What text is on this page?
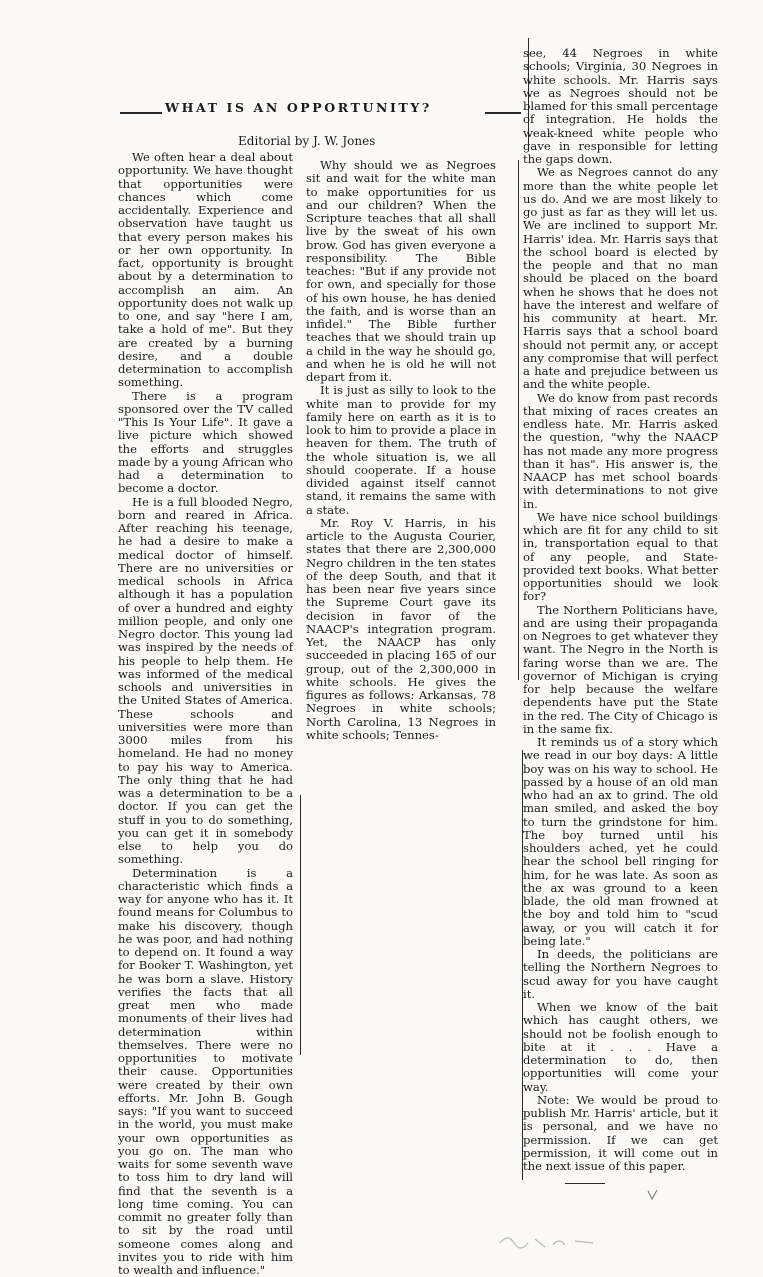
WHAT IS AN OPPORTUNITY?
Editorial by J. W. Jones

We often hear a deal about opportunity. We have thought that opportunities were chances which come accidentally. Experience and observation have taught us that every person makes his or her own opportunity. In fact, opportunity is brought about by a determination to accomplish an aim. An opportunity does not walk up to one, and say "here I am, take a hold of me". But they are created by a burning desire, and a double determination to accomplish something.

There is a program sponsored over the TV called "This Is Your Life". It gave a live picture which showed the efforts and struggles made by a young African who had a determination to become a doctor.

He is a full blooded Negro, born and reared in Africa. After reaching his teenage, he had a desire to make a medical doctor of himself. There are no universities or medical schools in Africa although it has a population of over a hundred and eighty million people, and only one Negro doctor. This young lad was inspired by the needs of his people to help them. He was informed of the medical schools and universities in the United States of America. These schools and universities were more than 3000 miles from his homeland. He had no money to pay his way to America. The only thing that he had was a determination to be a doctor. If you can get the stuff in you to do something, you can get it in somebody else to help you do something.

Determination is a characteristic which finds a way for anyone who has it. It found means for Columbus to make his discovery, though he was poor, and had nothing to depend on. It found a way for Booker T. Washington, yet he was born a slave. History verifies the facts that all great men who made monuments of their lives had determination within themselves. There were no opportunities to motivate their cause. Opportunities were created by their own efforts. Mr. John B. Gough says: "If you want to succeed in the world, you must make your own opportunities as you go on. The man who waits for some seventh wave to toss him to dry land will find that the seventh is a long time coming. You can commit no greater folly than to sit by the road until someone comes along and invites you to ride with him to wealth and influence."

Why should we as Negroes sit and wait for the white man to make opportunities for us and our children? When the Scripture teaches that all shall live by the sweat of his own brow. God has given everyone a responsibility. The Bible teaches: "But if any provide not for own, and specially for those of his own house, he has denied the faith, and is worse than an infidel." The Bible further teaches that we should train up a child in the way he should go, and when he is old he will not depart from it.

It is just as silly to look to the white man to provide for my family here on earth as it is to look to him to provide a place in heaven for them. The truth of the whole situation is, we all should cooperate. If a house divided against itself cannot stand, it remains the same with a state.

Mr. Roy V. Harris, in his article to the Augusta Courier, states that there are 2,300,000 Negro children in the ten states of the deep South, and that it has been near five years since the Supreme Court gave its decision in favor of the NAACP's integration program. Yet, the NAACP has only succeeded in placing 165 of our group, out of the 2,300,000 in white schools. He gives the figures as follows: Arkansas, 78 Negroes in white schools; North Carolina, 13 Negroes in white schools; Tennes-

see, 44 Negroes in white schools; Virginia, 30 Negroes in white schools. Mr. Harris says we as Negroes should not be blamed for this small percentage of integration. He holds the weak-kneed white people who gave in responsible for letting the gaps down.

We as Negroes cannot do any more than the white people let us do. And we are most likely to go just as far as they will let us. We are inclined to support Mr. Harris' idea. Mr. Harris says that the school board is elected by the people and that no man should be placed on the board when he shows that he does not have the interest and welfare of his community at heart. Mr. Harris says that a school board should not permit any, or accept any compromise that will perfect a hate and prejudice between us and the white people.

We do know from past records that mixing of races creates an endless hate. Mr. Harris asked the question, "why the NAACP has not made any more progress than it has". His answer is, the NAACP has met school boards with determinations to not give in.

We have nice school buildings which are fit for any child to sit in, transportation equal to that of any people, and State-provided text books. What better opportunities should we look for?

The Northern Politicians have, and are using their propaganda on Negroes to get whatever they want. The Negro in the North is faring worse than we are. The governor of Michigan is crying for help because the welfare dependents have put the State in the red. The City of Chicago is in the same fix.

It reminds us of a story which we read in our boy days: A little boy was on his way to school. He passed by a house of an old man who had an ax to grind. The old man smiled, and asked the boy to turn the grindstone for him. The boy turned until his shoulders ached, yet he could hear the school bell ringing for him, for he was late. As soon as the ax was ground to a keen blade, the old man frowned at the boy and told him to "scud away, or you will catch it for being late."

In deeds, the politicians are telling the Northern Negroes to scud away for you have caught it.

When we know of the bait which has caught others, we should not be foolish enough to bite at it . . . Have a determination to do, then opportunities will come your way.

Note: We would be proud to publish Mr. Harris' article, but it is personal, and we have no permission. If we can get permission, it will come out in the next issue of this paper.
